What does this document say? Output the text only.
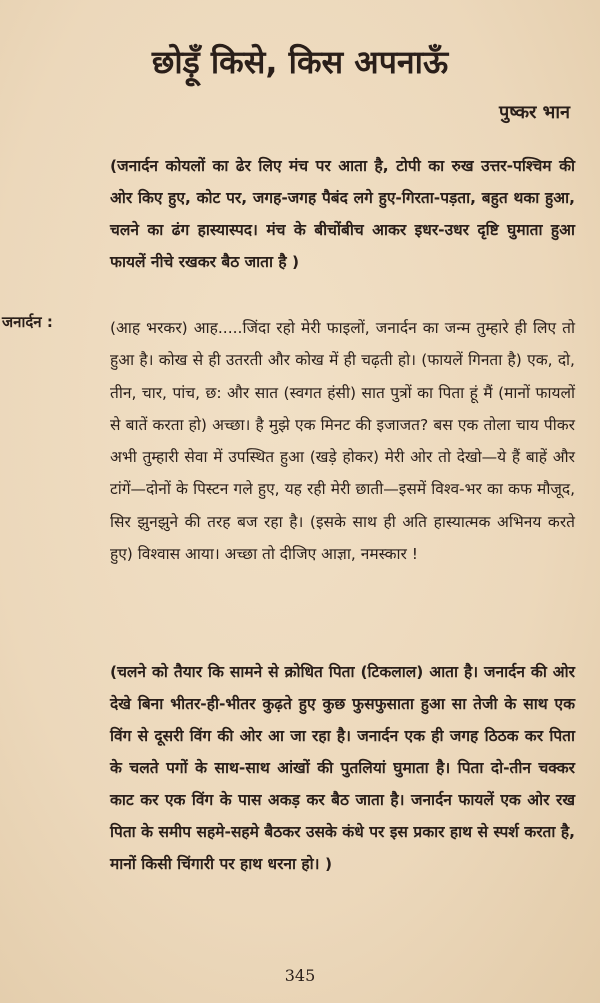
छोड़ूँ किसे, किस अपनाऊँ
पुष्कर भान
(जनार्दन कोयलों का ढेर लिए मंच पर आता है, टोपी का रुख उत्तर-पश्चिम की ओर किए हुए, कोट पर, जगह-जगह पैबंद लगे हुए-गिरता-पड़ता, बहुत थका हुआ, चलने का ढंग हास्यास्पद। मंच के बीचोंबीच आकर इधर-उधर दृष्टि घुमाता हुआ फायलें नीचे रखकर बैठ जाता है )
जनार्दन :	(आह भरकर) आह.....जिंदा रहो मेरी फाइलों, जनार्दन का जन्म तुम्हारे ही लिए तो हुआ है। कोख से ही उतरती और कोख में ही चढ़ती हो। (फायलें गिनता है) एक, दो, तीन, चार, पांच, छ: और सात (स्वगत हंसी) सात पुत्रों का पिता हूं मैं (मानों फायलों से बातें करता हो) अच्छा। है मुझे एक मिनट की इजाजत? बस एक तोला चाय पीकर अभी तुम्हारी सेवा में उपस्थित हुआ (खड़े होकर) मेरी ओर तो देखो—ये हैं बाहें और टांगें—दोनों के पिस्टन गले हुए, यह रही मेरी छाती—इसमें विश्व-भर का कफ मौजूद, सिर झुनझुने की तरह बज रहा है। (इसके साथ ही अति हास्यात्मक अभिनय करते हुए) विश्वास आया। अच्छा तो दीजिए आज्ञा, नमस्कार !
(चलने को तैयार कि सामने से क्रोधित पिता (टिकलाल) आता है। जनार्दन की ओर देखे बिना भीतर-ही-भीतर कुढ़ते हुए कुछ फुसफुसाता हुआ सा तेजी के साथ एक विंग से दूसरी विंग की ओर आ जा रहा है। जनार्दन एक ही जगह ठिठक कर पिता के चलते पगों के साथ-साथ आंखों की पुतलियां घुमाता है। पिता दो-तीन चक्कर काट कर एक विंग के पास अकड़ कर बैठ जाता है। जनार्दन फायलें एक ओर रख पिता के समीप सहमे-सहमे बैठकर उसके कंधे पर इस प्रकार हाथ से स्पर्श करता है, मानों किसी चिंगारी पर हाथ धरना हो। )
345
